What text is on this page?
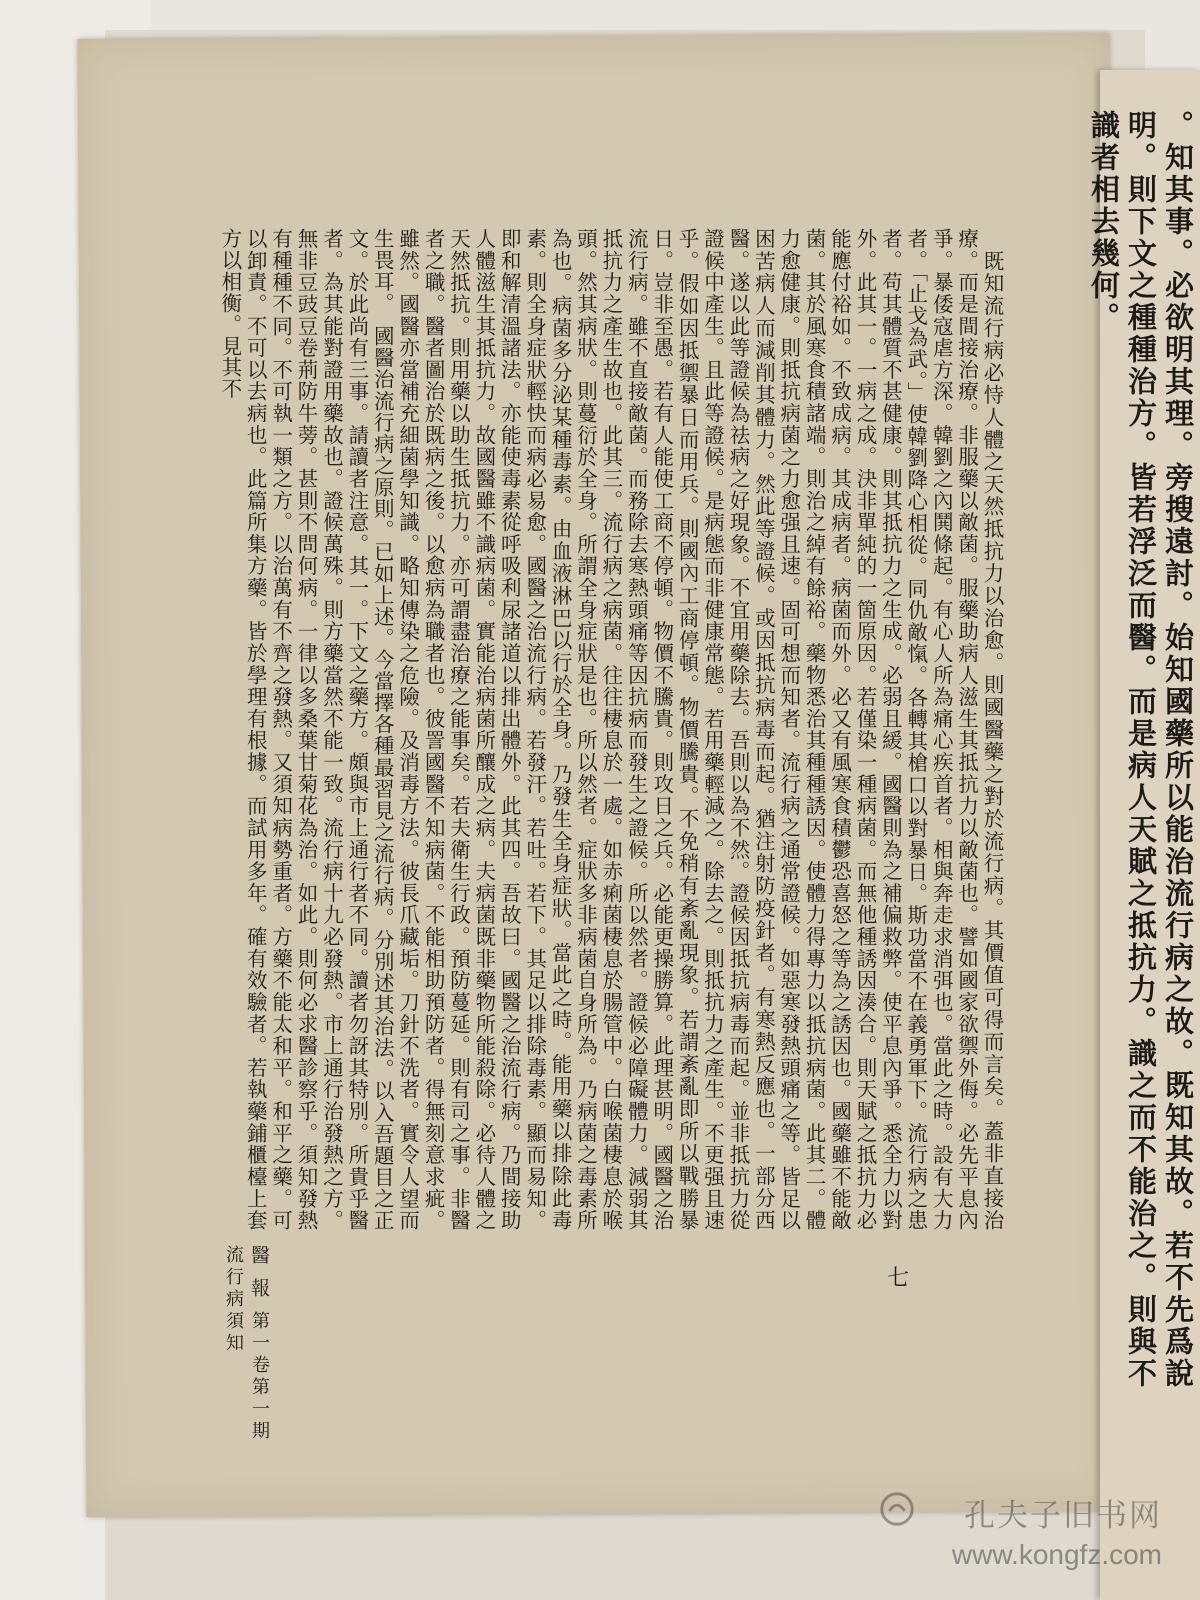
　既知流行病必恃人體之天然抵抗力以治愈。則國醫藥之對於流行病。其價值可得而言矣。蓋非直接治療。而是間接治療。非服藥以敵菌。服藥助病人滋生其抵抗力以敵菌也。譬如國家欲禦外侮。必先平息內爭。暴倭寇虐方深。韓劉之內鬨條起。有心人所為痛心疾首者。相與奔走求消弭也。當此之時。設有大力者。「止戈為武。」使韓劉降心相從。同仇敵愾。各轉其槍口以對暴日。斯功當不在義勇軍下。流行病之患者。苟其體質不甚健康。則其抵抗力之生成。必弱且緩。國醫則為之補偏救弊。使平息內爭。悉全力以對外。此其一。一病之成。決非單純的一箇原因。若僅染一種病菌。而無他種誘因湊合。則天賦之抵抗力必能應付裕如。不致成病。其成病者。病菌而外。必又有風寒食積鬱恐喜怒之等為之誘因也。國藥雖不能敵菌。其於風寒食積諸端。則治之綽有餘裕。藥物悉治其種種誘因。使體力得專力以抵抗病菌。此其二。體力愈健康。則抵抗病菌之力愈强且速。固可想而知者。流行病之通常證候。如惡寒發熱頭痛之等。皆足以困苦病人而減削其體力。然此等證候。或因抵抗病毒而起。猶注射防疫針者。有寒熱反應也。一部分西醫。遂以此等證候為祛病之好現象。不宜用藥除去。吾則以為不然。證候因抵抗病毒而起。並非抵抗力從證候中產生。且此等證候。是病態而非健康常態。若用藥輕減之。除去之。則抵抗力之產生。不更强且速乎。假如因抵禦暴日而用兵。則國內工商停頓。物價騰貴。不免稍有紊亂現象。若謂紊亂即所以戰勝暴日。豈非至愚。若有人能使工商不停頓。物價不騰貴。則攻日之兵。必能更操勝算。此理甚明。國醫之治流行病。雖不直接敵菌。而務除去寒熱頭痛等因抗病而發生之證候。所以然者。證候必障礙體力。減弱其抵抗力之產生故也。此其三。流行病之病菌。往往棲息於一處。如赤痢菌棲息於腸管中。白喉菌棲息於喉頭。然其病狀。則蔓衍於全身。所謂全身症狀是也。所以然者。症狀多非病菌自身所為。乃病菌之毒素所為也。病菌多分泌某種毒素。由血液淋巴以行於全身。乃發生全身症狀。當此之時。能用藥以排除此毒素。則全身症狀輕快而病必易愈。國醫之治流行病。若發汗。若吐。若下。其足以排除毒素。顯而易知。即和解清溫諸法。亦能使毒素從呼吸利尿諸道以排出體外。此其四。吾故曰。國醫之治流行病。乃間接助人體滋生其抵抗力。故國醫雖不識病菌。實能治病菌所釀成之病。夫病菌既非藥物所能殺除。必待人體之天然抵抗。則用藥以助生抵抗力。亦可謂盡治療之能事矣。若夫衛生行政。預防蔓延。則有司之事。非醫者之職。醫者圖治於既病之後。以愈病為職者也。彼詈國醫不知病菌。不能相助預防者。得無刻意求疵。雖然。國醫亦當補充細菌學知識。略知傳染之危險。及消毒方法。彼長爪藏垢。刀針不洗者。實令人望而生畏耳。　國醫治流行病之原則。已如上述。今當擇各種最習見之流行病。分別述其治法。以入吾題目之正文。於此尚有三事。請讀者注意。其一。下文之藥方。頗與市上通行者不同。讀者勿訝其特別。所貴乎醫者。為其能對證用藥故也。證候萬殊。則方藥當然不能一致。流行病十九必發熱。市上通行治發熱之方。無非豆豉豆卷荊防牛蒡。甚則不問何病。一律以多桑葉甘菊花為治。如此。則何必求醫診察乎。須知發熱有種種不同。不可執一類之方。以治萬有不齊之發熱。又須知病勢重者。方藥不能太和平。和平之藥。可以卸責。不可以去病也。此篇所集方藥。皆於學理有根據。而試用多年。確有效驗者。若執藥鋪櫃檯上套方以相衡。見其不
醫報第一卷第一期流行病須知	七	。知其事。必欲明其理。旁搜遠討。始知國藥所以能治流行病之故。既知其故。若不先爲說明。則下文之種種治方。皆若浮泛而醫。而是病人天賦之抵抗力。識之而不能治之。則與不識者相去幾何。
孔夫子旧书网
www.kongfz.com
